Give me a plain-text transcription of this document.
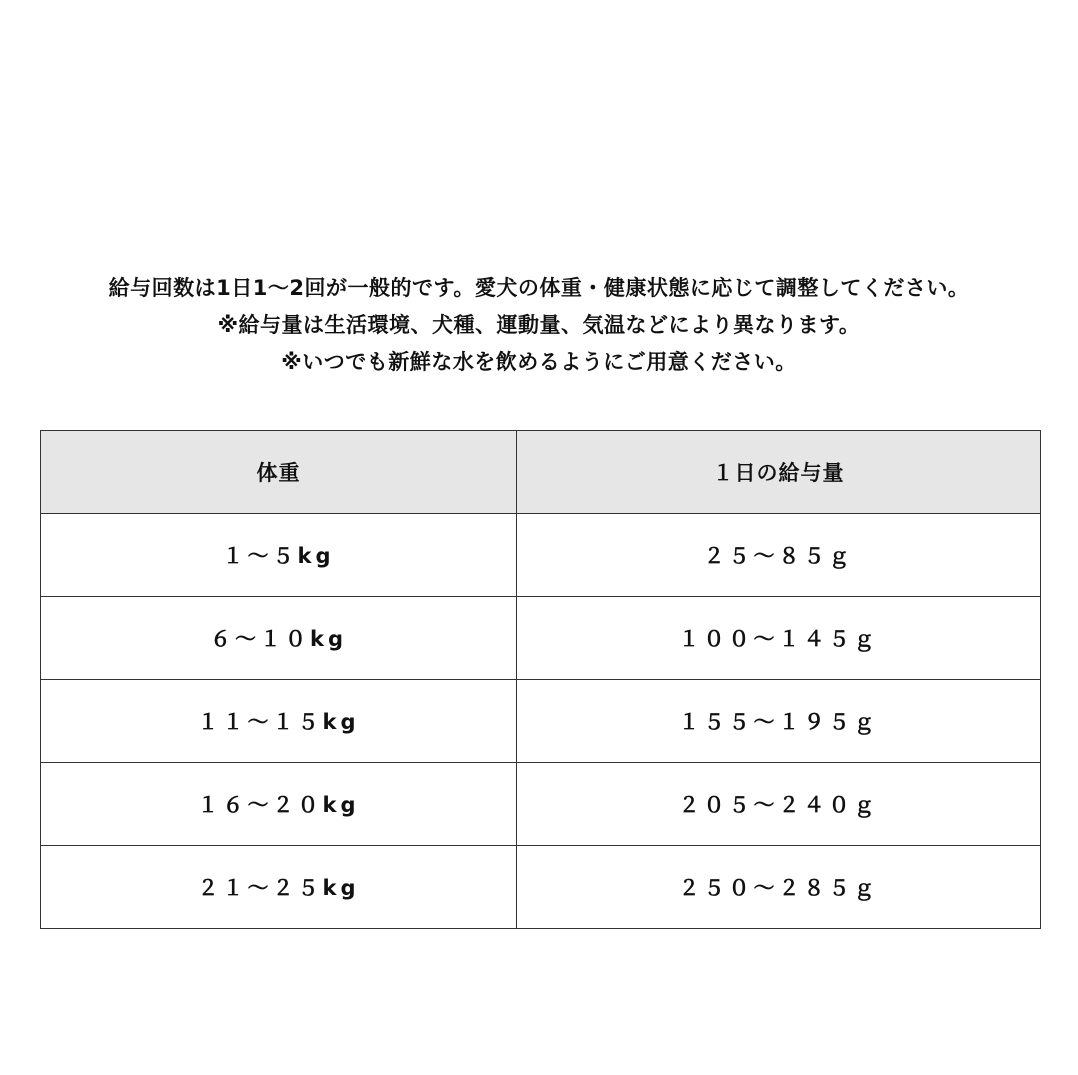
給与回数は1日1〜2回が一般的です。愛犬の体重・健康状態に応じて調整してください。
※給与量は生活環境、犬種、運動量、気温などにより異なります。
※いつでも新鮮な水を飲めるようにご用意ください。
体重	１日の給与量
１〜５kg	２５〜８５ｇ
６〜１０kg	１００〜１４５ｇ
１１〜１５kg	１５５〜１９５ｇ
１６〜２０kg	２０５〜２４０ｇ
２１〜２５kg	２５０〜２８５ｇ
